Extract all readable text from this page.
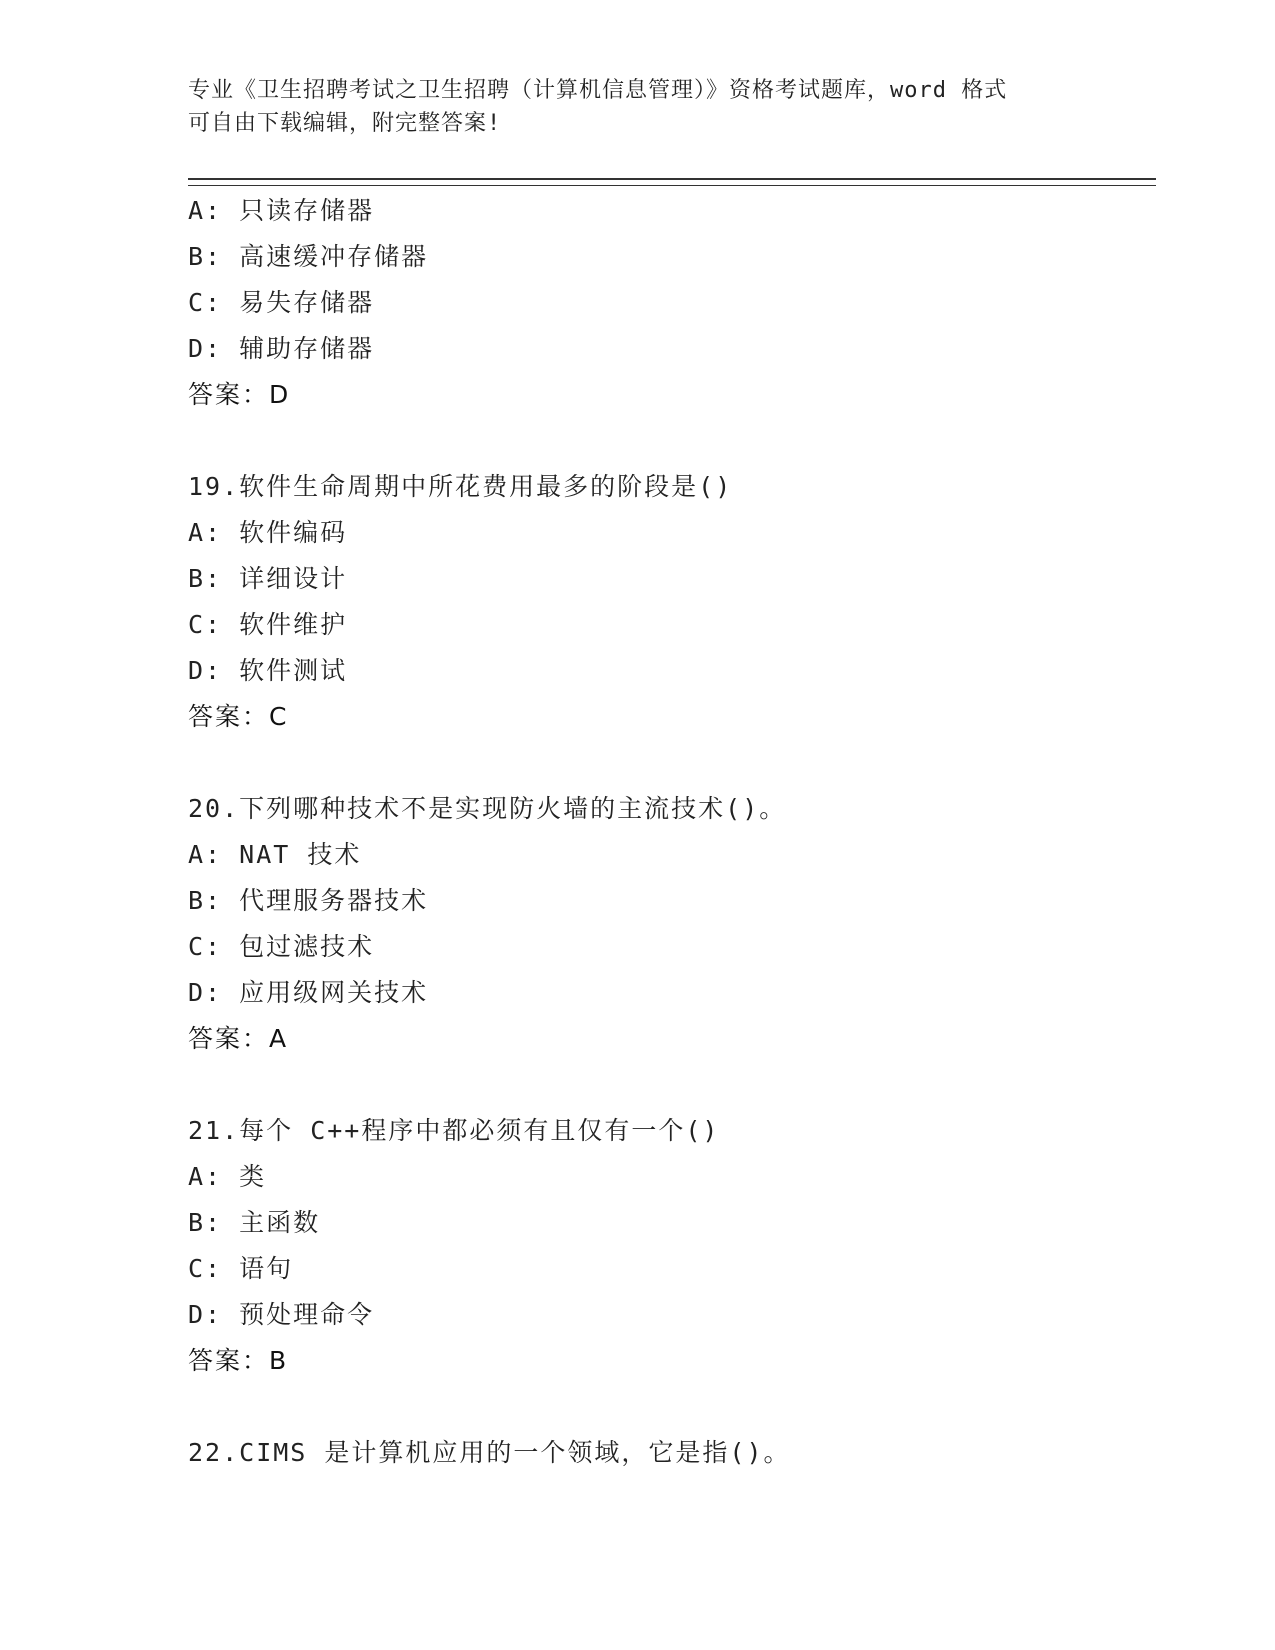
专业《卫生招聘考试之卫生招聘（计算机信息管理）》资格考试题库，word 格式
可自由下载编辑，附完整答案!
A: 只读存储器
B: 高速缓冲存储器
C: 易失存储器
D: 辅助存储器
答案：D
19.软件生命周期中所花费用最多的阶段是()
A: 软件编码
B: 详细设计
C: 软件维护
D: 软件测试
答案：C
20.下列哪种技术不是实现防火墙的主流技术()。
A: NAT 技术
B: 代理服务器技术
C: 包过滤技术
D: 应用级网关技术
答案：A
21.每个 C++程序中都必须有且仅有一个()
A: 类
B: 主函数
C: 语句
D: 预处理命令
答案：B
22.CIMS 是计算机应用的一个领域，它是指()。
